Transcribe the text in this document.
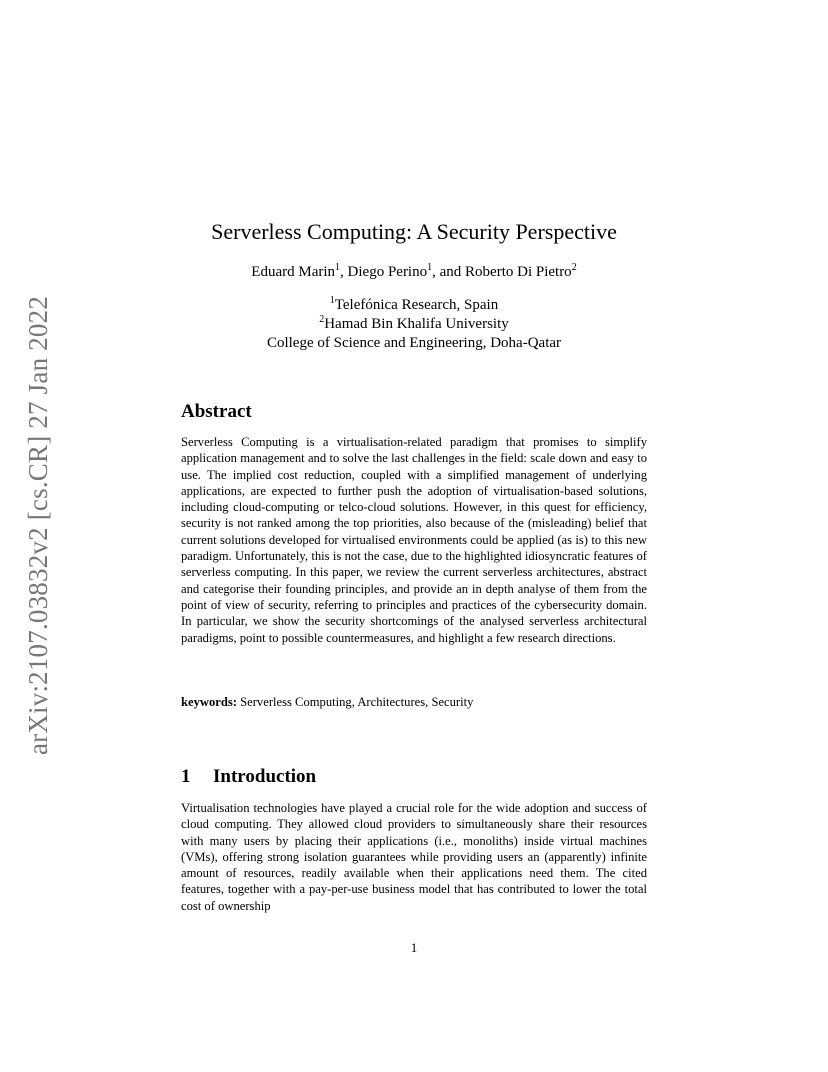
arXiv:2107.03832v2 [cs.CR] 27 Jan 2022
Serverless Computing: A Security Perspective
Eduard Marin$^1$, Diego Perino$^1$, and Roberto Di Pietro$^2$
$^1$Telefónica Research, Spain
$^2$Hamad Bin Khalifa University
College of Science and Engineering, Doha-Qatar
Abstract
Serverless Computing is a virtualisation-related paradigm that promises to simplify application management and to solve the last challenges in the field: scale down and easy to use. The implied cost reduction, coupled with a simplified management of underlying applications, are expected to further push the adoption of virtualisation-based solutions, including cloud-computing or telco-cloud solutions. However, in this quest for efficiency, security is not ranked among the top priorities, also because of the (misleading) belief that current solutions developed for virtualised environments could be applied (as is) to this new paradigm. Unfortunately, this is not the case, due to the highlighted idiosyncratic features of serverless computing. In this paper, we review the current serverless architectures, abstract and categorise their founding principles, and provide an in depth analyse of them from the point of view of security, referring to principles and practices of the cybersecurity domain. In particular, we show the security shortcomings of the analysed serverless architectural paradigms, point to possible countermeasures, and highlight a few research directions.
keywords: Serverless Computing, Architectures, Security
1 Introduction
Virtualisation technologies have played a crucial role for the wide adoption and success of cloud computing. They allowed cloud providers to simultaneously share their resources with many users by placing their applications (i.e., monoliths) inside virtual machines (VMs), offering strong isolation guarantees while providing users an (apparently) infinite amount of resources, readily available when their applications need them. The cited features, together with a pay-per-use business model that has contributed to lower the total cost of ownership
1
